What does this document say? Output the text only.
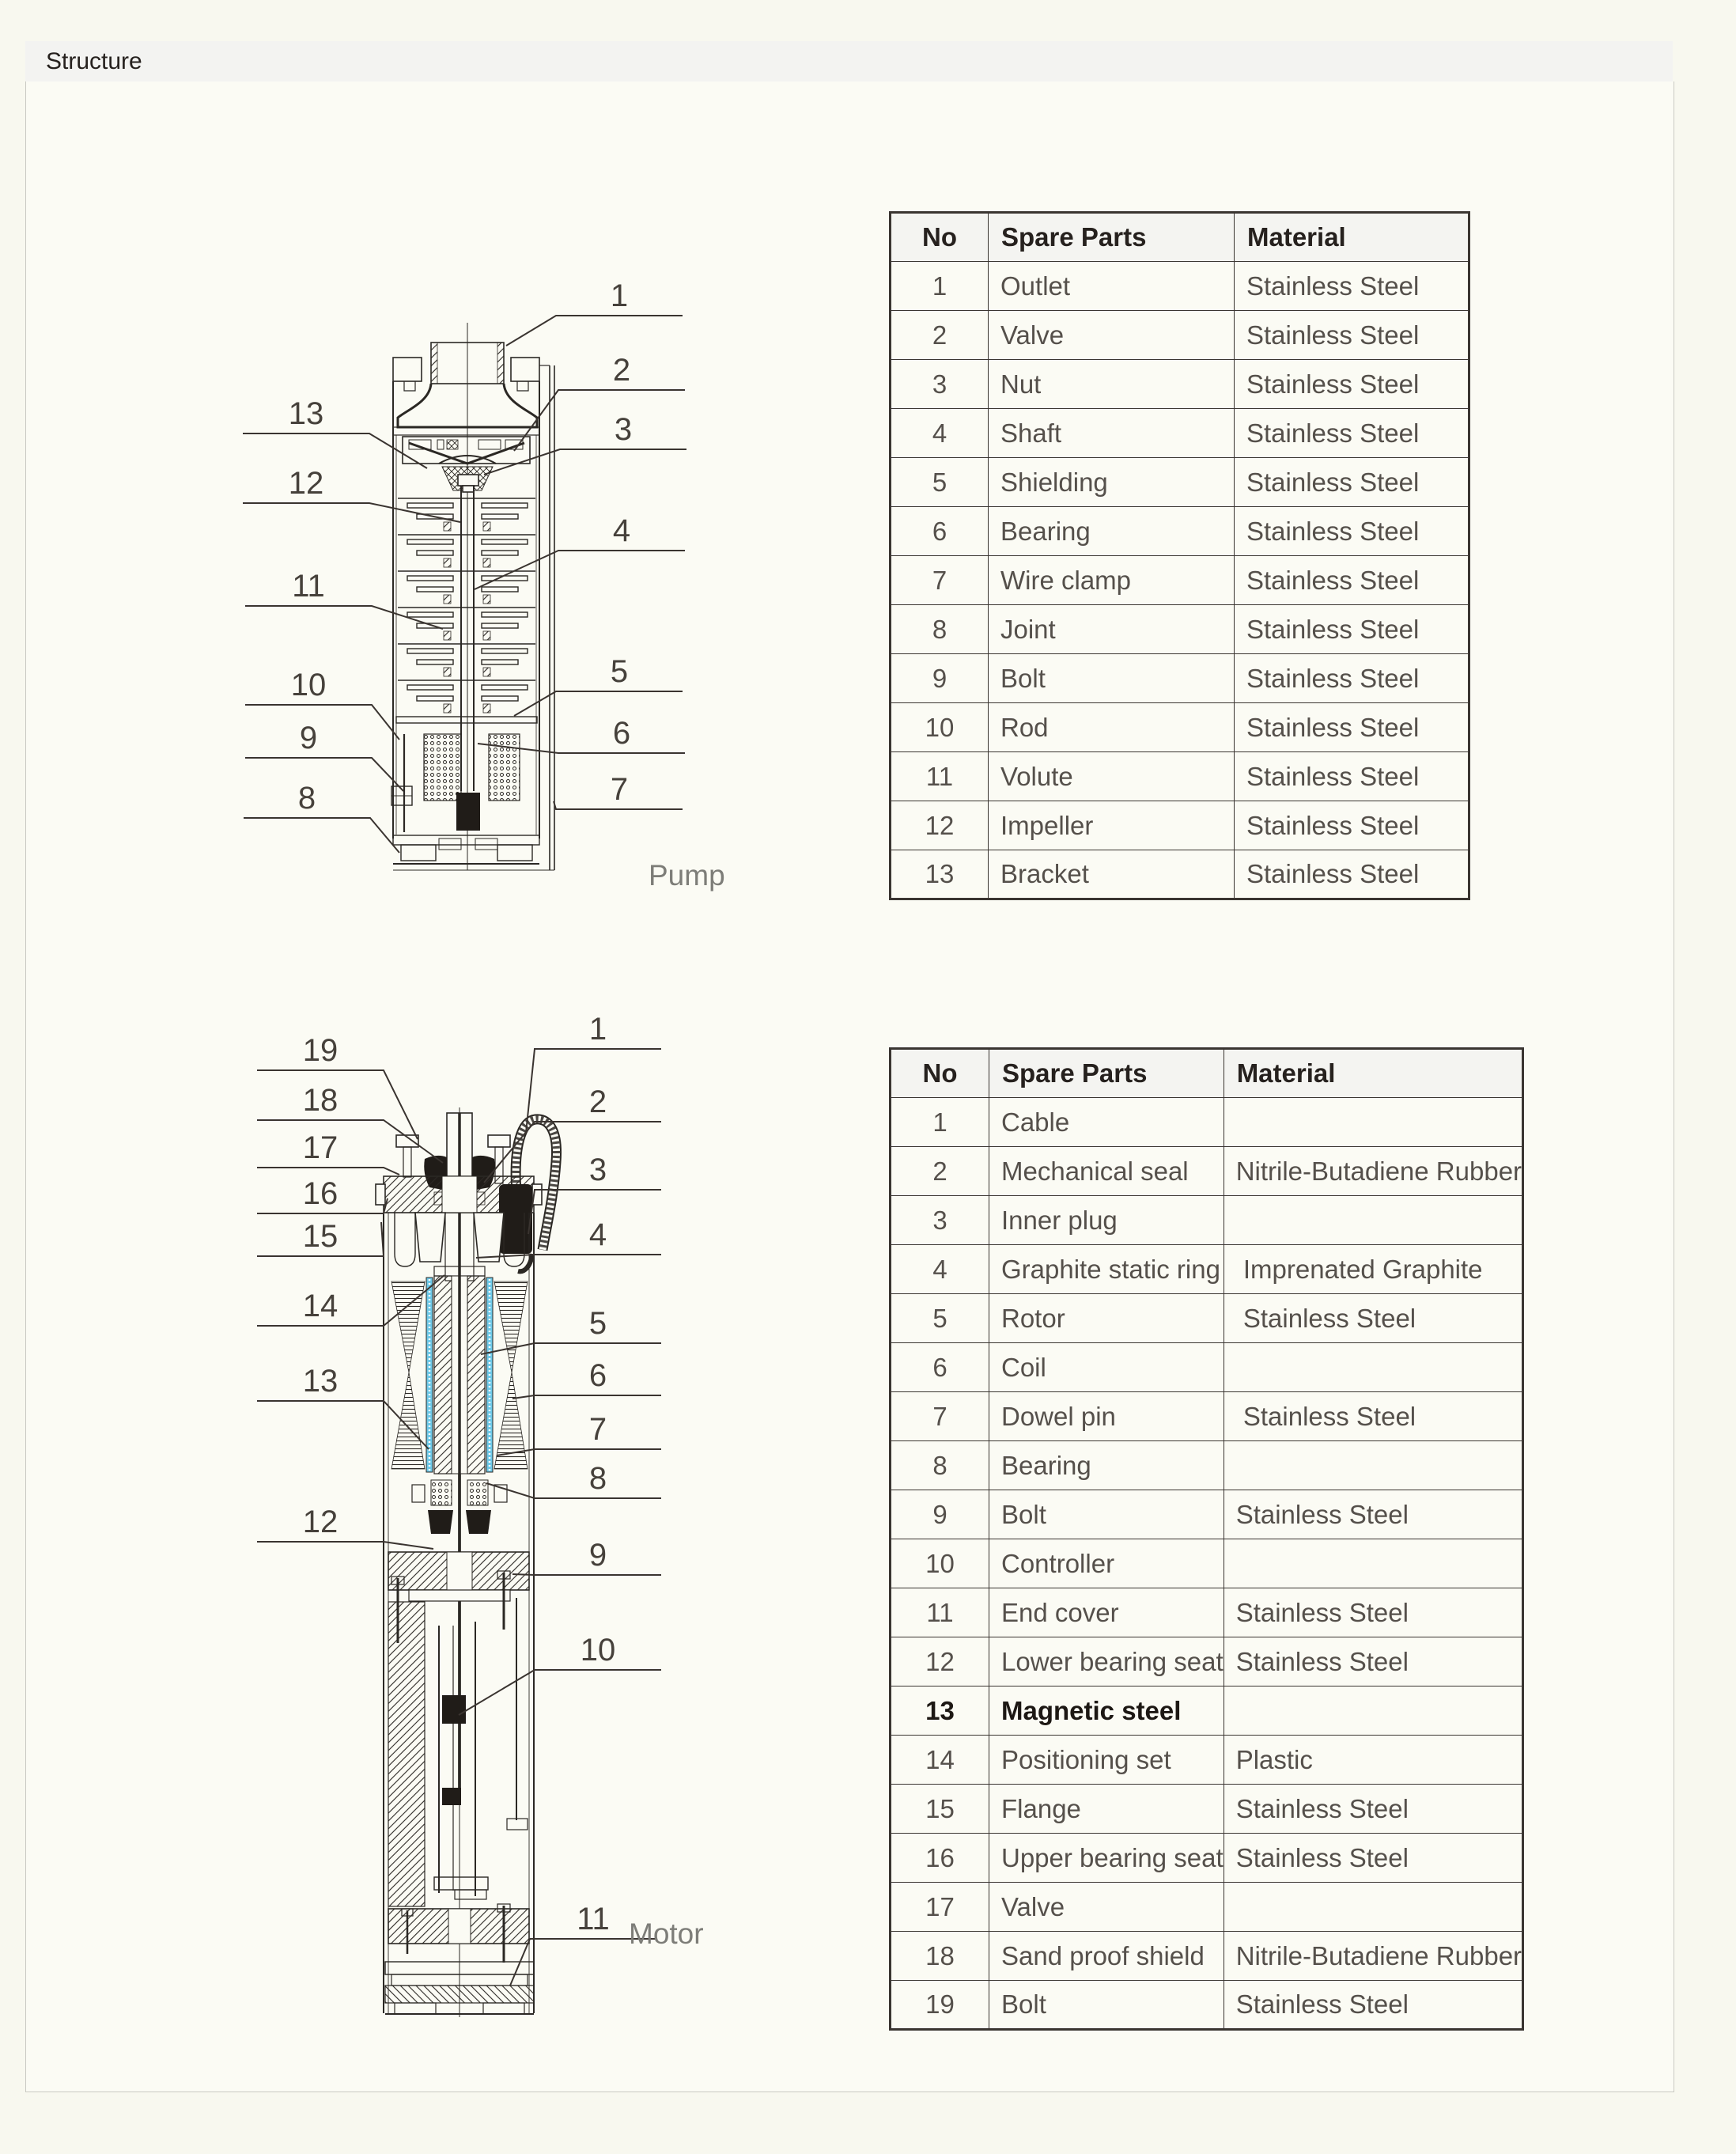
Structure
1
2
3
4
5
6
7
13
12
11
10
9
8
1
2
3
4
5
6
7
8
9
10
11
19
18
17
16
15
14
13
12
Pump
Motor
No	Spare Parts	Material
1	Outlet	Stainless Steel
2	Valve	Stainless Steel
3	Nut	Stainless Steel
4	Shaft	Stainless Steel
5	Shielding	Stainless Steel
6	Bearing	Stainless Steel
7	Wire clamp	Stainless Steel
8	Joint	Stainless Steel
9	Bolt	Stainless Steel
10	Rod	Stainless Steel
11	Volute	Stainless Steel
12	Impeller	Stainless Steel
13	Bracket	Stainless Steel
No	Spare Parts	Material
1	Cable	
2	Mechanical seal	Nitrile-Butadiene Rubber
3	Inner plug	
4	Graphite static ring	Imprenated Graphite
5	Rotor	Stainless Steel
6	Coil	
7	Dowel pin	Stainless Steel
8	Bearing	
9	Bolt	Stainless Steel
10	Controller	
11	End cover	Stainless Steel
12	Lower bearing seat	Stainless Steel
13	Magnetic steel	
14	Positioning set	Plastic
15	Flange	Stainless Steel
16	Upper bearing seat	Stainless Steel
17	Valve	
18	Sand proof shield	Nitrile-Butadiene Rubber
19	Bolt	Stainless Steel
